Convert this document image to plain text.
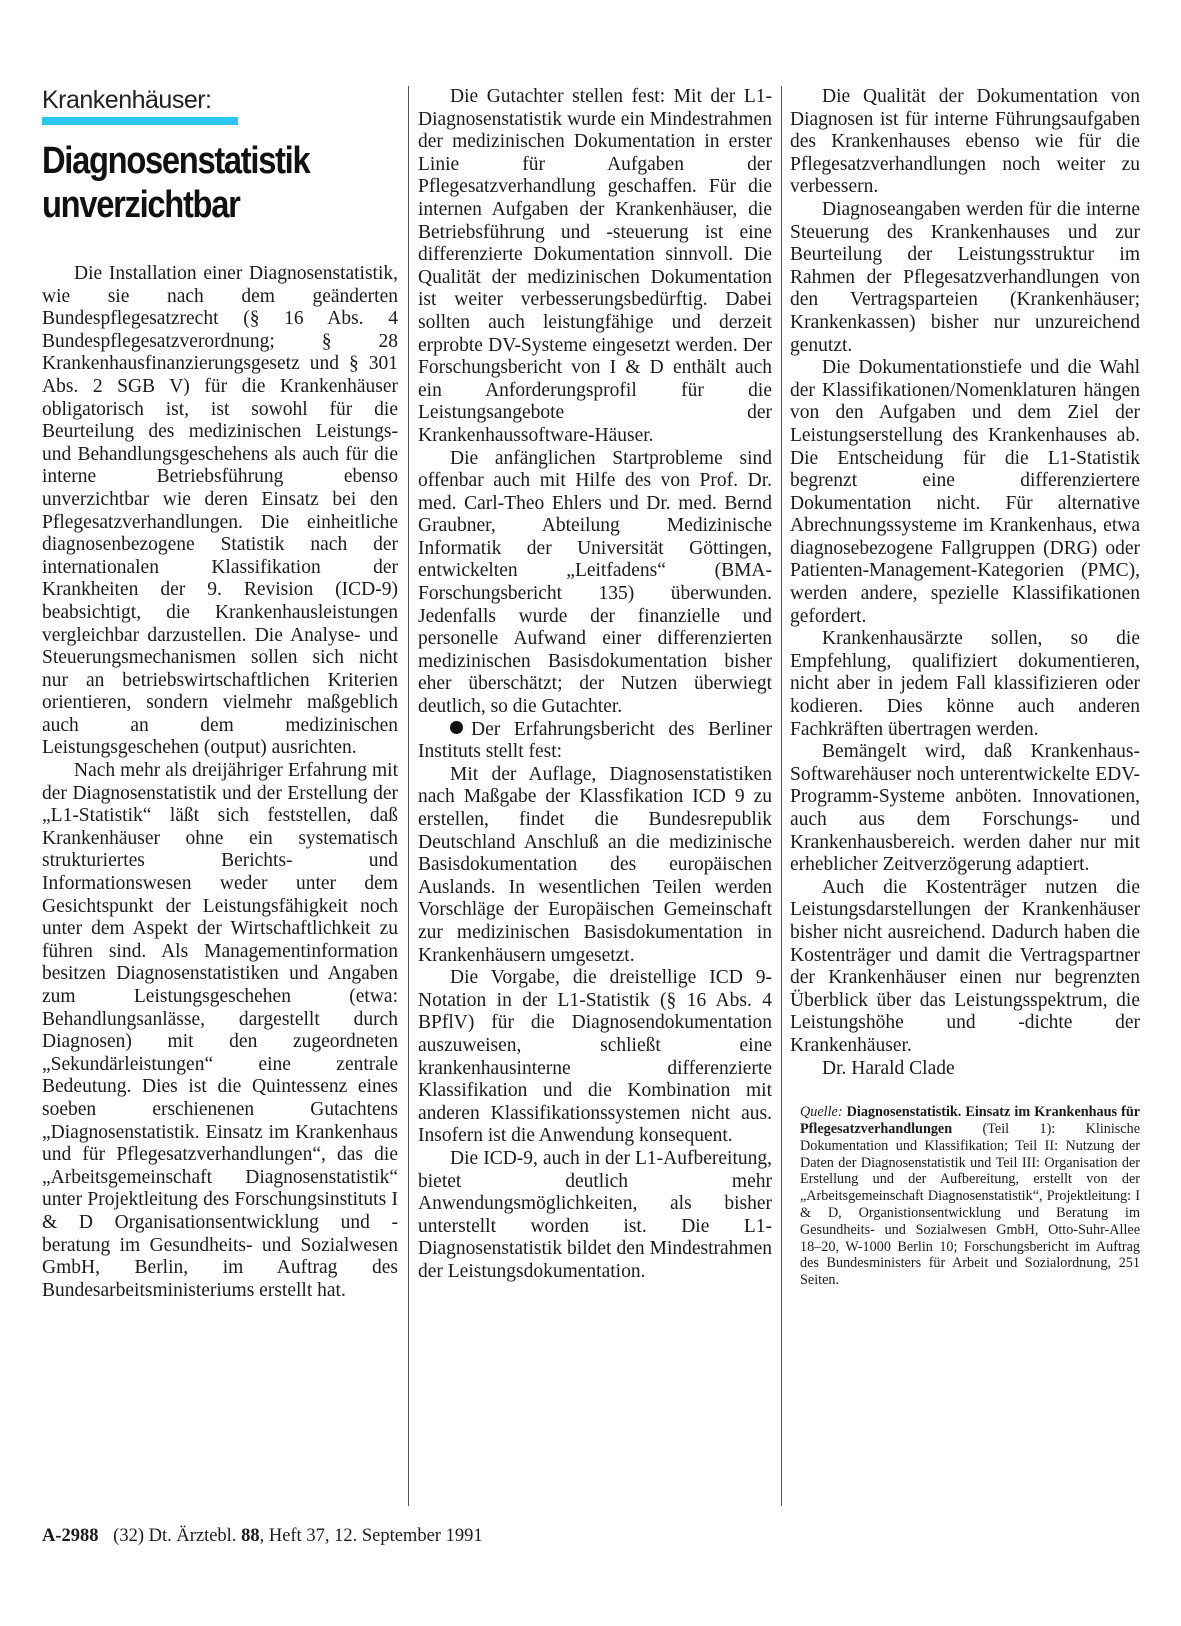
Krankenhäuser:
Diagnosenstatistik
unverzichtbar

Die Installation einer Diagnosenstatistik, wie sie nach dem geänderten Bundespflegesatzrecht (§ 16 Abs. 4 Bundespflegesatzverordnung; § 28 Krankenhausfinanzierungsgesetz und § 301 Abs. 2 SGB V) für die Krankenhäuser obligatorisch ist, ist sowohl für die Beurteilung des medizinischen Leistungs- und Behandlungsgeschehens als auch für die interne Betriebsführung ebenso unverzichtbar wie deren Einsatz bei den Pflegesatzverhandlungen. Die einheitliche diagnosenbezogene Statistik nach der internationalen Klassifikation der Krankheiten der 9. Revision (ICD-9) beabsichtigt, die Krankenhausleistungen vergleichbar darzustellen. Die Analyse- und Steuerungsmechanismen sollen sich nicht nur an betriebswirtschaftlichen Kriterien orientieren, sondern vielmehr maßgeblich auch an dem medizinischen Leistungsgeschehen (output) ausrichten.

Nach mehr als dreijähriger Erfahrung mit der Diagnosenstatistik und der Erstellung der „L1-Statistik“ läßt sich feststellen, daß Krankenhäuser ohne ein systematisch strukturiertes Berichts- und Informationswesen weder unter dem Gesichtspunkt der Leistungsfähigkeit noch unter dem Aspekt der Wirtschaftlichkeit zu führen sind. Als Managementinformation besitzen Diagnosenstatistiken und Angaben zum Leistungsgeschehen (etwa: Behandlungsanlässe, dargestellt durch Diagnosen) mit den zugeordneten „Sekundärleistungen“ eine zentrale Bedeutung. Dies ist die Quintessenz eines soeben erschienenen Gutachtens „Diagnosenstatistik. Einsatz im Krankenhaus und für Pflegesatzverhandlungen“, das die „Arbeitsgemeinschaft Diagnosenstatistik“ unter Projektleitung des Forschungsinstituts I & D Organisationsentwicklung und -beratung im Gesundheits- und Sozialwesen GmbH, Berlin, im Auftrag des Bundesarbeitsministeriums erstellt hat.

Die Gutachter stellen fest: Mit der L1-Diagnosenstatistik wurde ein Mindestrahmen der medizinischen Dokumentation in erster Linie für Aufgaben der Pflegesatzverhandlung geschaffen. Für die internen Aufgaben der Krankenhäuser, die Betriebsführung und -steuerung ist eine differenzierte Dokumentation sinnvoll. Die Qualität der medizinischen Dokumentation ist weiter verbesserungsbedürftig. Dabei sollten auch leistungfähige und derzeit erprobte DV-Systeme eingesetzt werden. Der Forschungsbericht von I & D enthält auch ein Anforderungsprofil für die Leistungsangebote der Krankenhaussoftware-Häuser.

Die anfänglichen Startprobleme sind offenbar auch mit Hilfe des von Prof. Dr. med. Carl-Theo Ehlers und Dr. med. Bernd Graubner, Abteilung Medizinische Informatik der Universität Göttingen, entwickelten „Leitfadens“ (BMA-Forschungsbericht 135) überwunden. Jedenfalls wurde der finanzielle und personelle Aufwand einer differenzierten medizinischen Basisdokumentation bisher eher überschätzt; der Nutzen überwiegt deutlich, so die Gutachter.

Der Erfahrungsbericht des Berliner Instituts stellt fest:

Mit der Auflage, Diagnosenstatistiken nach Maßgabe der Klassfikation ICD 9 zu erstellen, findet die Bundesrepublik Deutschland Anschluß an die medizinische Basisdokumentation des europäischen Auslands. In wesentlichen Teilen werden Vorschläge der Europäischen Gemeinschaft zur medizinischen Basisdokumentation in Krankenhäusern umgesetzt.

Die Vorgabe, die dreistellige ICD 9-Notation in der L1-Statistik (§ 16 Abs. 4 BPflV) für die Diagnosendokumentation auszuweisen, schließt eine krankenhausinterne differenzierte Klassifikation und die Kombination mit anderen Klassifikationssystemen nicht aus. Insofern ist die Anwendung konsequent.

Die ICD-9, auch in der L1-Aufbereitung, bietet deutlich mehr Anwendungsmöglichkeiten, als bisher unterstellt worden ist. Die L1-Diagnosenstatistik bildet den Mindestrahmen der Leistungsdokumentation.

Die Qualität der Dokumentation von Diagnosen ist für interne Führungsaufgaben des Krankenhauses ebenso wie für die Pflegesatzverhandlungen noch weiter zu verbessern.

Diagnoseangaben werden für die interne Steuerung des Krankenhauses und zur Beurteilung der Leistungsstruktur im Rahmen der Pflegesatzverhandlungen von den Vertragsparteien (Krankenhäuser; Krankenkassen) bisher nur unzureichend genutzt.

Die Dokumentationstiefe und die Wahl der Klassifikationen/Nomenklaturen hängen von den Aufgaben und dem Ziel der Leistungserstellung des Krankenhauses ab. Die Entscheidung für die L1-Statistik begrenzt eine differenziertere Dokumentation nicht. Für alternative Abrechnungssysteme im Krankenhaus, etwa diagnosebezogene Fallgruppen (DRG) oder Patienten-Management-Kategorien (PMC), werden andere, spezielle Klassifikationen gefordert.

Krankenhausärzte sollen, so die Empfehlung, qualifiziert dokumentieren, nicht aber in jedem Fall klassifizieren oder kodieren. Dies könne auch anderen Fachkräften übertragen werden.

Bemängelt wird, daß Krankenhaus-Softwarehäuser noch unterentwickelte EDV-Programm-Systeme anböten. Innovationen, auch aus dem Forschungs- und Krankenhausbereich. werden daher nur mit erheblicher Zeitverzögerung adaptiert.

Auch die Kostenträger nutzen die Leistungsdarstellungen der Krankenhäuser bisher nicht ausreichend. Dadurch haben die Kostenträger und damit die Vertragspartner der Krankenhäuser einen nur begrenzten Überblick über das Leistungsspektrum, die Leistungshöhe und -dichte der Krankenhäuser.

Dr. Harald Clade

Quelle: Diagnosenstatistik. Einsatz im Krankenhaus für Pflegesatzverhandlungen (Teil 1): Klinische Dokumentation und Klassifikation; Teil II: Nutzung der Daten der Diagnosenstatistik und Teil III: Organisation der Erstellung und der Aufbereitung, erstellt von der „Arbeitsgemeinschaft Diagnosenstatistik“, Projektleitung: I & D, Organistionsentwicklung und Beratung im Gesundheits- und Sozialwesen GmbH, Otto-Suhr-Allee 18–20, W-1000 Berlin 10; Forschungsbericht im Auftrag des Bundesministers für Arbeit und Sozialordnung, 251 Seiten.
A-2988 (32) Dt. Ärztebl. 88, Heft 37, 12. September 1991
